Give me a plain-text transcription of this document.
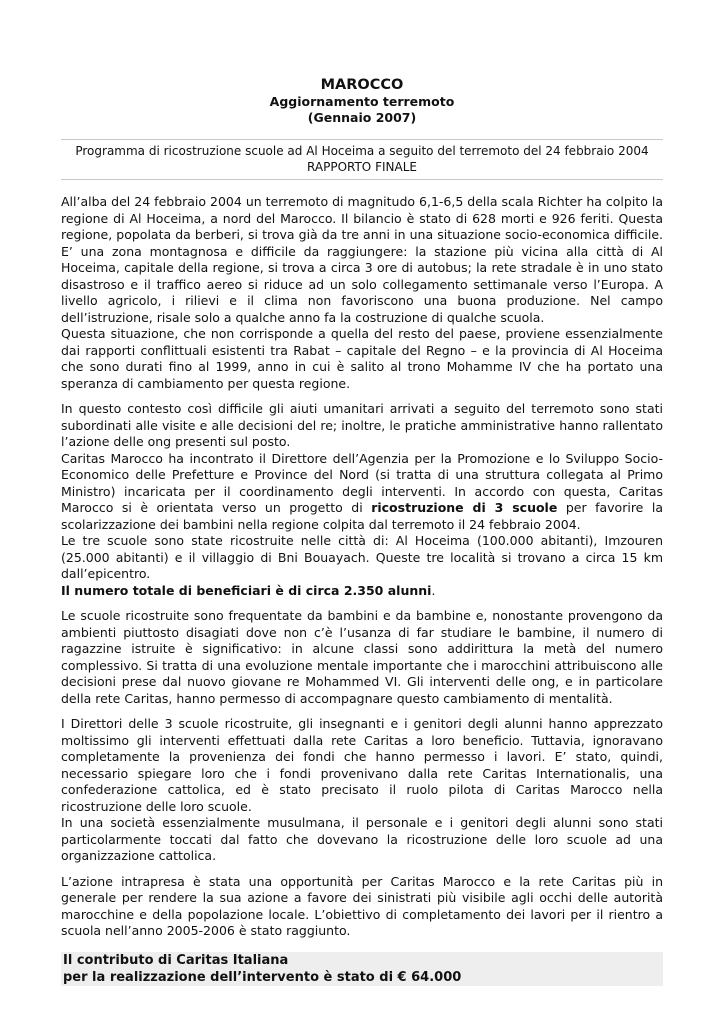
MAROCCO
Aggiornamento terremoto
(Gennaio 2007)
Programma di ricostruzione scuole ad Al Hoceima a seguito del terremoto del 24 febbraio 2004
RAPPORTO FINALE

All’alba del 24 febbraio 2004 un terremoto di magnitudo 6,1-6,5 della scala Richter ha colpito la regione di Al Hoceima, a nord del Marocco. Il bilancio è stato di 628 morti e 926 feriti. Questa regione, popolata da berberi, si trova già da tre anni in una situazione socio-economica difficile. E’ una zona montagnosa e difficile da raggiungere: la stazione più vicina alla città di Al Hoceima, capitale della regione, si trova a circa 3 ore di autobus; la rete stradale è in uno stato disastroso e il traffico aereo si riduce ad un solo collegamento settimanale verso l’Europa. A livello agricolo, i rilievi e il clima non favoriscono una buona produzione. Nel campo dell’istruzione, risale solo a qualche anno fa la costruzione di qualche scuola.

Questa situazione, che non corrisponde a quella del resto del paese, proviene essenzialmente dai rapporti conflittuali esistenti tra Rabat – capitale del Regno – e la provincia di Al Hoceima che sono durati fino al 1999, anno in cui è salito al trono Mohamme IV che ha portato una speranza di cambiamento per questa regione.

In questo contesto così difficile gli aiuti umanitari arrivati a seguito del terremoto sono stati subordinati alle visite e alle decisioni del re; inoltre, le pratiche amministrative hanno rallentato l’azione delle ong presenti sul posto.

Caritas Marocco ha incontrato il Direttore dell’Agenzia per la Promozione e lo Sviluppo Socio-Economico delle Prefetture e Province del Nord (si tratta di una struttura collegata al Primo Ministro) incaricata per il coordinamento degli interventi. In accordo con questa, Caritas Marocco si è orientata verso un progetto di ricostruzione di 3 scuole per favorire la scolarizzazione dei bambini nella regione colpita dal terremoto il 24 febbraio 2004.

Le tre scuole sono state ricostruite nelle città di: Al Hoceima (100.000 abitanti), Imzouren (25.000 abitanti) e il villaggio di Bni Bouayach. Queste tre località si trovano a circa 15 km dall’epicentro.

Il numero totale di beneficiari è di circa 2.350 alunni.

Le scuole ricostruite sono frequentate da bambini e da bambine e, nonostante provengono da ambienti piuttosto disagiati dove non c’è l’usanza di far studiare le bambine, il numero di ragazzine istruite è significativo: in alcune classi sono addirittura la metà del numero complessivo. Si tratta di una evoluzione mentale importante che i marocchini attribuiscono alle decisioni prese dal nuovo giovane re Mohammed VI. Gli interventi delle ong, e in particolare della rete Caritas, hanno permesso di accompagnare questo cambiamento di mentalità.

I Direttori delle 3 scuole ricostruite, gli insegnanti e i genitori degli alunni hanno apprezzato moltissimo gli interventi effettuati dalla rete Caritas a loro beneficio. Tuttavia, ignoravano completamente la provenienza dei fondi che hanno permesso i lavori. E’ stato, quindi, necessario spiegare loro che i fondi provenivano dalla rete Caritas Internationalis, una confederazione cattolica, ed è stato precisato il ruolo pilota di Caritas Marocco nella ricostruzione delle loro scuole.

In una società essenzialmente musulmana, il personale e i genitori degli alunni sono stati particolarmente toccati dal fatto che dovevano la ricostruzione delle loro scuole ad una organizzazione cattolica.

L’azione intrapresa è stata una opportunità per Caritas Marocco e la rete Caritas più in generale per rendere la sua azione a favore dei sinistrati più visibile agli occhi delle autorità marocchine e della popolazione locale. L’obiettivo di completamento dei lavori per il rientro a scuola nell’anno 2005-2006 è stato raggiunto.

Il contributo di Caritas Italiana
per la realizzazione dell’intervento è stato di € 64.000
